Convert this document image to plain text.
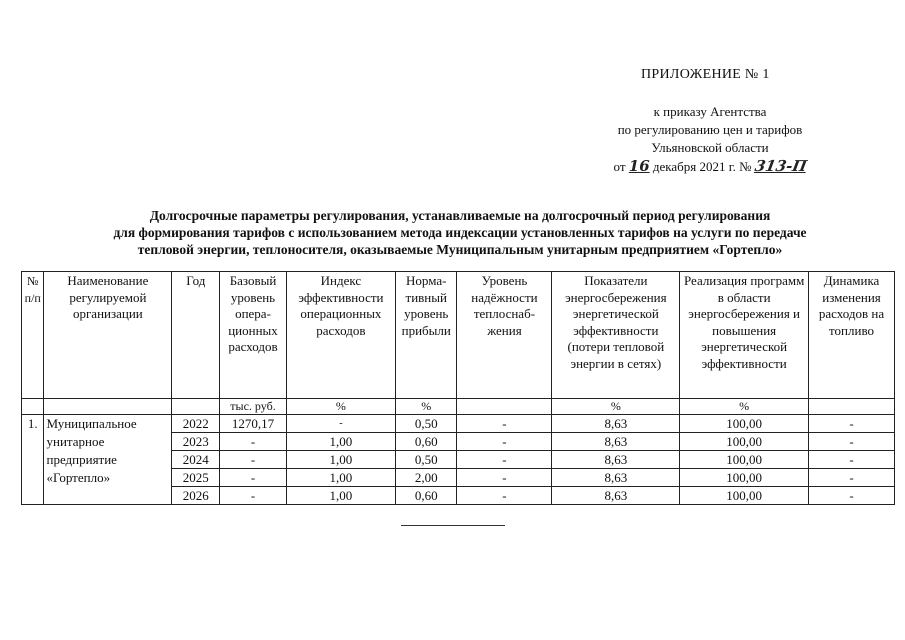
ПРИЛОЖЕНИЕ № 1
к приказу Агентства
по регулированию цен и тарифов
Ульяновской области
от 16 декабря 2021 г. № 313-П
Долгосрочные параметры регулирования, устанавливаемые на долгосрочный период регулирования
для формирования тарифов с использованием метода индексации установленных тарифов на услуги по передаче
тепловой энергии, теплоносителя, оказываемые Муниципальным унитарным предприятием «Гортепло»
№ п/п	Наименование регулируемой организации	Год	Базовый уровень опера-ционных расходов	Индекс эффективности операционных расходов	Норма-тивный уровень прибыли	Уровень надёжности теплоснаб-жения	Показатели энергосбережения энергетической эффективности (потери тепловой энергии в сетях)	Реализация программ в области энергосбережения и повышения энергетической эффективности	Динамика изменения расходов на топливо
			тыс. руб.	%	%		%	%	
1.	Муниципальное унитарное предприятие «Гортепло»	2022	1270,17	-	0,50	-	8,63	100,00	-
		2023	-	1,00	0,60	-	8,63	100,00	-
		2024	-	1,00	0,50	-	8,63	100,00	-
		2025	-	1,00	2,00	-	8,63	100,00	-
		2026	-	1,00	0,60	-	8,63	100,00	-
